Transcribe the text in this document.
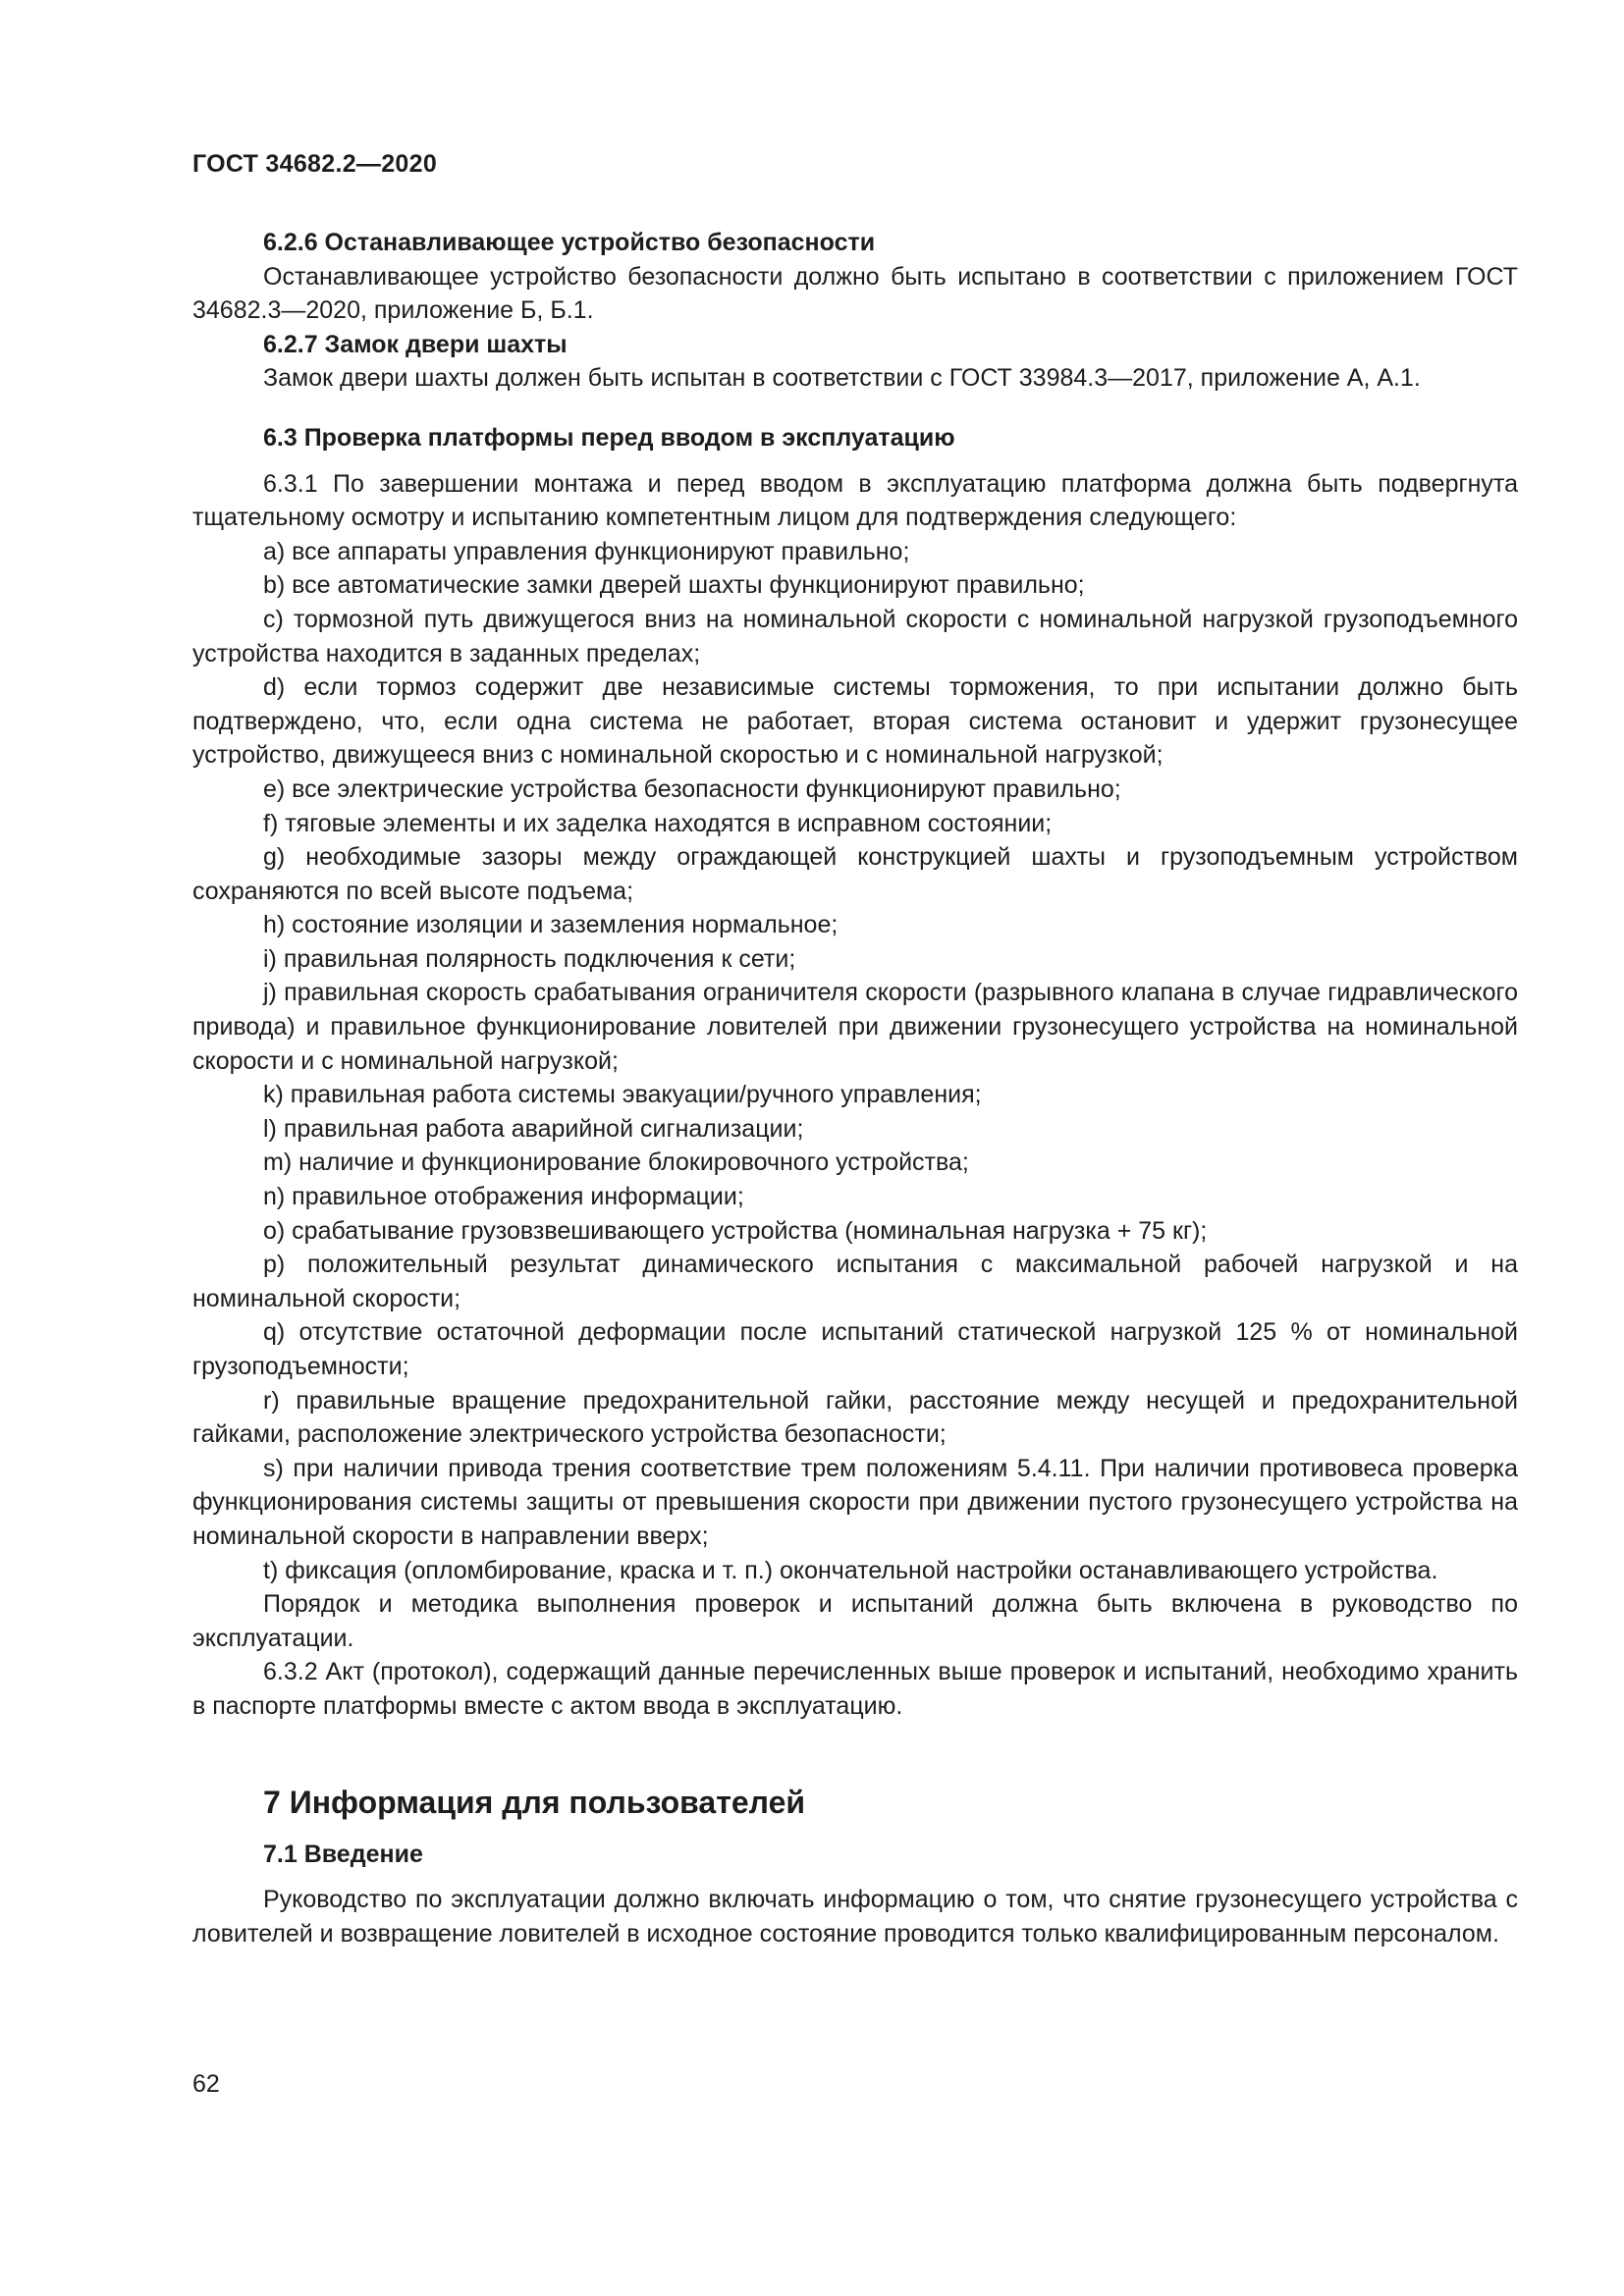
ГОСТ 34682.2—2020

6.2.6 Останавливающее устройство безопасности

Останавливающее устройство безопасности должно быть испытано в соответствии с приложением ГОСТ 34682.3—2020, приложение Б, Б.1.

6.2.7 Замок двери шахты

Замок двери шахты должен быть испытан в соответствии с ГОСТ 33984.3—2017, приложение А, А.1.

6.3 Проверка платформы перед вводом в эксплуатацию

6.3.1 По завершении монтажа и перед вводом в эксплуатацию платформа должна быть подвергнута тщательному осмотру и испытанию компетентным лицом для подтверждения следующего:

a) все аппараты управления функционируют правильно;

b) все автоматические замки дверей шахты функционируют правильно;

c) тормозной путь движущегося вниз на номинальной скорости с номинальной нагрузкой грузоподъемного устройства находится в заданных пределах;

d) если тормоз содержит две независимые системы торможения, то при испытании должно быть подтверждено, что, если одна система не работает, вторая система остановит и удержит грузонесущее устройство, движущееся вниз с номинальной скоростью и с номинальной нагрузкой;

e) все электрические устройства безопасности функционируют правильно;

f) тяговые элементы и их заделка находятся в исправном состоянии;

g) необходимые зазоры между ограждающей конструкцией шахты и грузоподъемным устройством сохраняются по всей высоте подъема;

h) состояние изоляции и заземления нормальное;

i) правильная полярность подключения к сети;

j) правильная скорость срабатывания ограничителя скорости (разрывного клапана в случае гидравлического привода) и правильное функционирование ловителей при движении грузонесущего устройства на номинальной скорости и с номинальной нагрузкой;

k) правильная работа системы эвакуации/ручного управления;

l) правильная работа аварийной сигнализации;

m) наличие и функционирование блокировочного устройства;

n) правильное отображения информации;

o) срабатывание грузовзвешивающего устройства (номинальная нагрузка + 75 кг);

p) положительный результат динамического испытания с максимальной рабочей нагрузкой и на номинальной скорости;

q) отсутствие остаточной деформации после испытаний статической нагрузкой 125 % от номинальной грузоподъемности;

r) правильные вращение предохранительной гайки, расстояние между несущей и предохранительной гайками, расположение электрического устройства безопасности;

s) при наличии привода трения соответствие трем положениям 5.4.11. При наличии противовеса проверка функционирования системы защиты от превышения скорости при движении пустого грузонесущего устройства на номинальной скорости в направлении вверх;

t) фиксация (опломбирование, краска и т. п.) окончательной настройки останавливающего устройства.

Порядок и методика выполнения проверок и испытаний должна быть включена в руководство по эксплуатации.

6.3.2 Акт (протокол), содержащий данные перечисленных выше проверок и испытаний, необходимо хранить в паспорте платформы вместе с актом ввода в эксплуатацию.

7 Информация для пользователей

7.1 Введение

Руководство по эксплуатации должно включать информацию о том, что снятие грузонесущего устройства с ловителей и возвращение ловителей в исходное состояние проводится только квалифицированным персоналом.

62
